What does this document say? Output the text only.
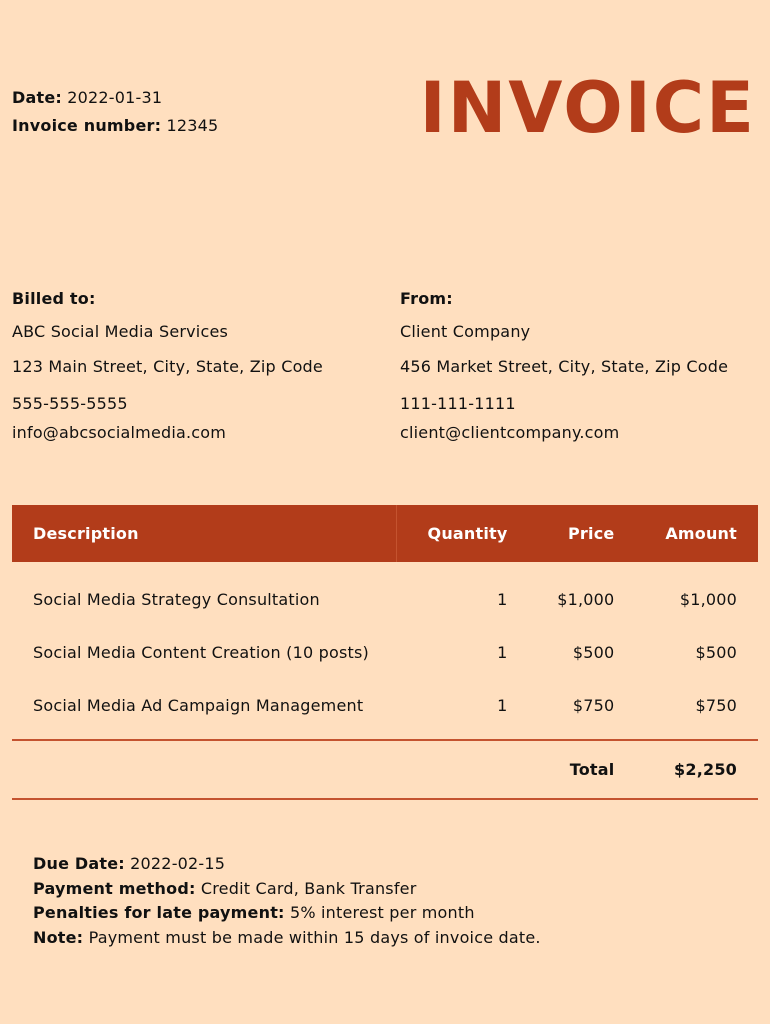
Date: 2022-01-31
Invoice number: 12345	INVOICE
Billed to:
ABC Social Media Services
123 Main Street, City, State, Zip Code
555-555-5555
info@abcsocialmedia.com
From:
Client Company
456 Market Street, City, State, Zip Code
111-111-1111
client@clientcompany.com
Description	Quantity	Price	Amount
Social Media Strategy Consultation	1	$1,000	$1,000
Social Media Content Creation (10 posts)	1	$500	$500
Social Media Ad Campaign Management	1	$750	$750

		Total	$2,250
Due Date: 2022-02-15
Payment method: Credit Card, Bank Transfer
Penalties for late payment: 5% interest per month
Note: Payment must be made within 15 days of invoice date.
